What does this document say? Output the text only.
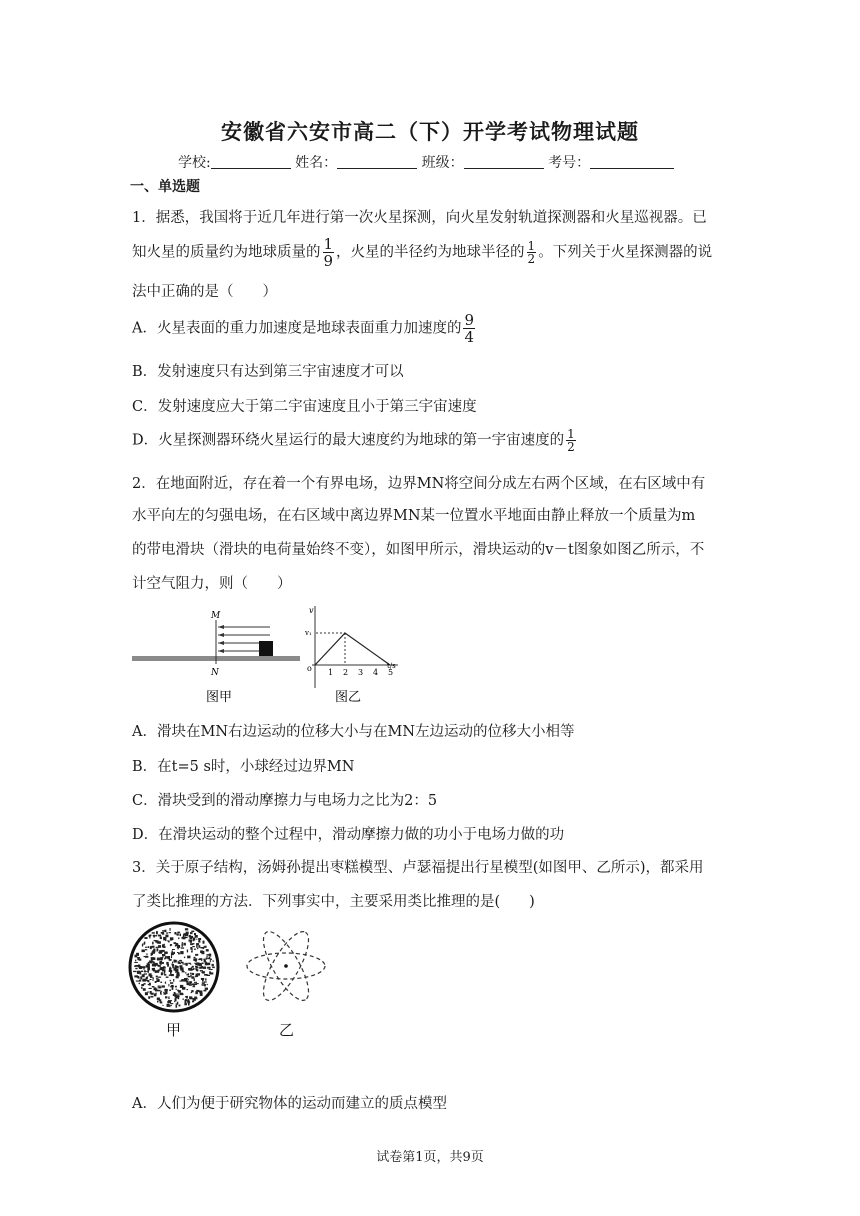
安徽省六安市高二（下）开学考试物理试题
学校:	姓名：	班级：	考号：
一、单选题
1．据悉，我国将于近几年进行第一次火星探测，向火星发射轨道探测器和火星巡视器。已
知火星的质量约为地球质量的 $\frac{1}{9}$ ，火星的半径约为地球半径的 $\frac{1}{2}$ 。下列关于火星探测器的说
法中正确的是（　　）
A．火星表面的重力加速度是地球表面重力加速度的 $\frac{9}{4}$
B．发射速度只有达到第三宇宙速度才可以
C．发射速度应大于第二宇宙速度且小于第三宇宙速度
D．火星探测器环绕火星运行的最大速度约为地球的第一宇宙速度的 $\frac{1}{2}$
2．在地面附近，存在着一个有界电场，边界MN将空间分成左右两个区域，在右区域中有
水平向左的匀强电场，在右区域中离边界MN某一位置水平地面由静止释放一个质量为m
的带电滑块（滑块的电荷量始终不变），如图甲所示，滑块运动的v－t图象如图乙所示，不
计空气阻力，则（　　）
M
N
图甲
v
v₁
o 1 2 3 4 5
t/s
图乙
A．滑块在MN右边运动的位移大小与在MN左边运动的位移大小相等
B．在t=5 s时，小球经过边界MN
C．滑块受到的滑动摩擦力与电场力之比为2：5
D．在滑块运动的整个过程中，滑动摩擦力做的功小于电场力做的功
3．关于原子结构，汤姆孙提出枣糕模型、卢瑟福提出行星模型(如图甲、乙所示)，都采用
了类比推理的方法．下列事实中，主要采用类比推理的是(　　)
甲	乙
A．人们为便于研究物体的运动而建立的质点模型
试卷第1页，共9页
